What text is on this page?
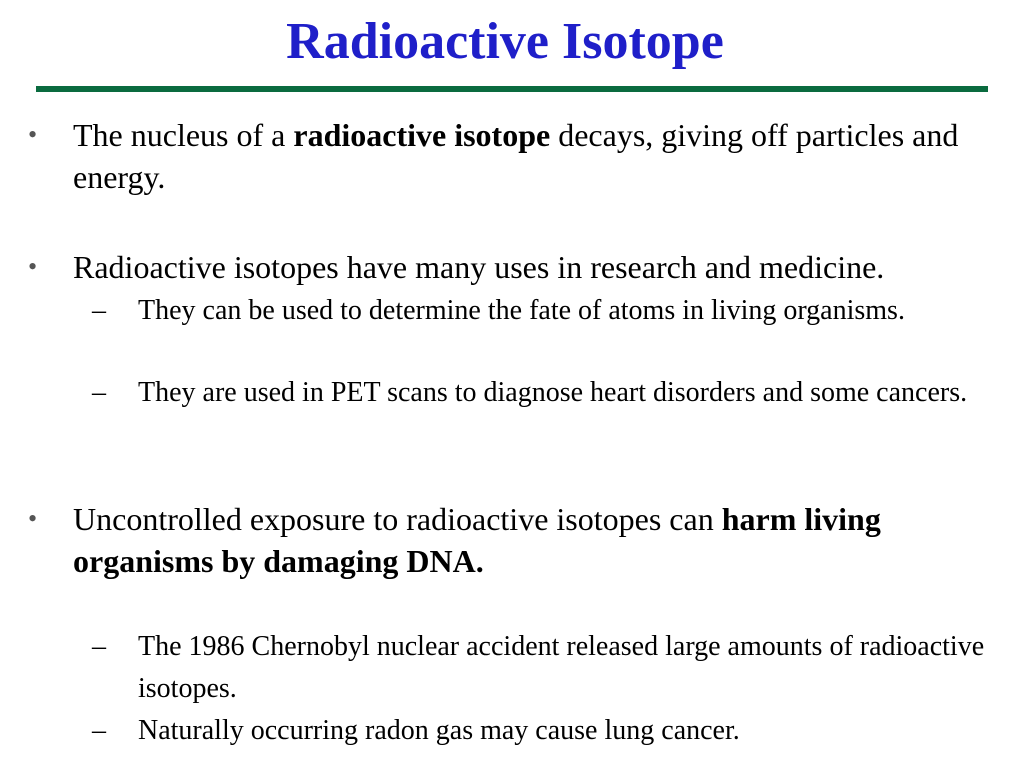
Radioactive Isotope
•	The nucleus of a radioactive isotope decays, giving off particles and energy.
•	Radioactive isotopes have many uses in research and medicine.
–	They can be used to determine the fate of atoms in living organisms.
–	They are used in PET scans to diagnose heart disorders and some cancers.
•	Uncontrolled exposure to radioactive isotopes can harm living organisms by damaging DNA.
–	The 1986 Chernobyl nuclear accident released large amounts of radioactive isotopes.
–	Naturally occurring radon gas may cause lung cancer.
